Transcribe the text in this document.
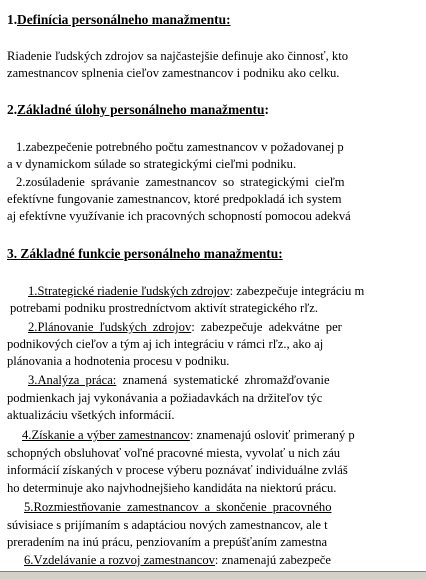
1.Definícia personálneho manažmentu:
Riadenie ľudských zdrojov sa najčastejšie definuje ako činnosť, kto
zamestnancov splnenia cieľov zamestnancov i podniku ako celku.
2.Základné úlohy personálneho manažmentu:
1.zabezpečenie potrebného počtu zamestnancov v požadovanej p
a v dynamickom súlade so strategickými cieľmi podniku.
2.zosúladenie správanie zamestnancov so strategickými cieľm
efektívne fungovanie zamestnancov, ktoré predpokladá ich system
aj efektívne využívanie ich pracovných schopností pomocou adekvá
3. Základné funkcie personálneho manažmentu:
1.Strategické riadenie ľudských zdrojov: zabezpečuje integráciu m
potrebami podniku prostredníctvom aktivít strategického rľz.
2.Plánovanie ľudských zdrojov: zabezpečuje adekvátne per
podnikových cieľov a tým aj ich integráciu v rámci rľz., ako aj
plánovania a hodnotenia procesu v podniku.
3.Analýza práca: znamená systematické zhromažďovanie
podmienkach jaj vykonávania a požiadavkách na držiteľov týc
aktualizáciu všetkých informácií.
4.Získanie a výber zamestnancov: znamenajú osloviť primeraný p
schopných obsluhovať voľné pracovné miesta, vyvolať u nich záu
informácií získaných v procese výberu poznávať individuálne zvláš
ho determinuje ako najvhodnejšieho kandidáta na niektorú prácu.
5.Rozmiestňovanie zamestnancov a skončenie pracovného
súvisiace s prijímaním s adaptáciou nových zamestnancov, ale t
preradením na inú prácu, penziovaním a prepúšťaním zamestna
6.Vzdelávanie a rozvoj zamestnancov: znamenajú zabezpeče
